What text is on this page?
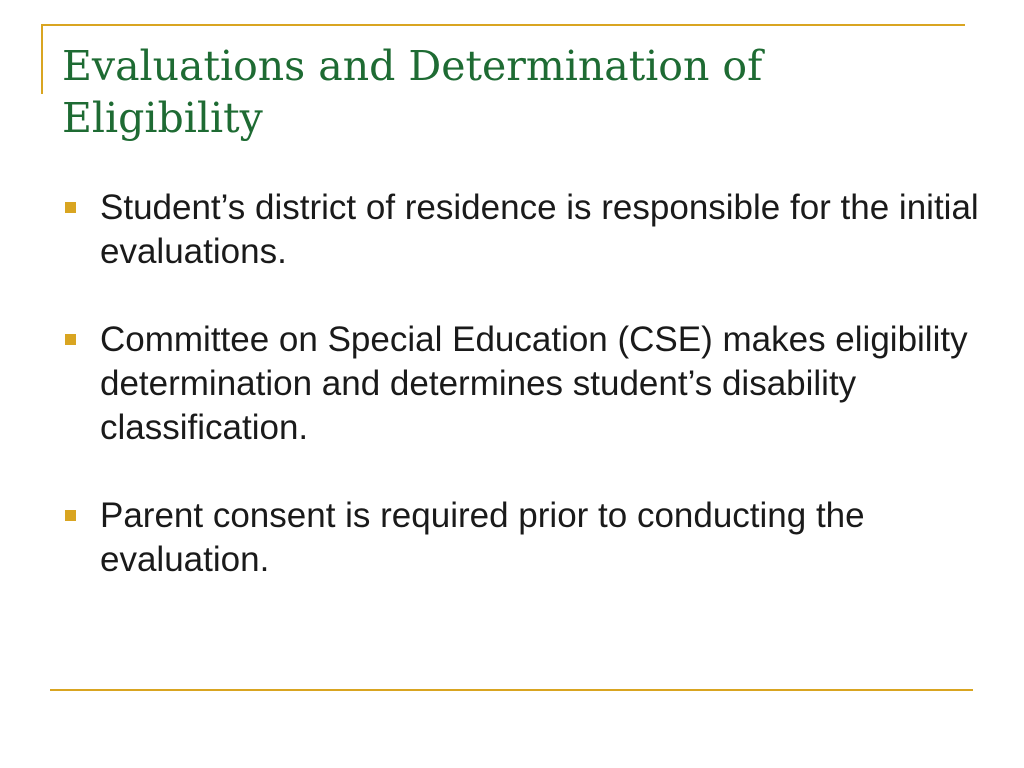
Evaluations and Determination of Eligibility
Student’s district of residence is responsible for the initial evaluations.
Committee on Special Education (CSE) makes eligibility determination and determines student’s disability classification.
Parent consent is required prior to conducting the evaluation.
